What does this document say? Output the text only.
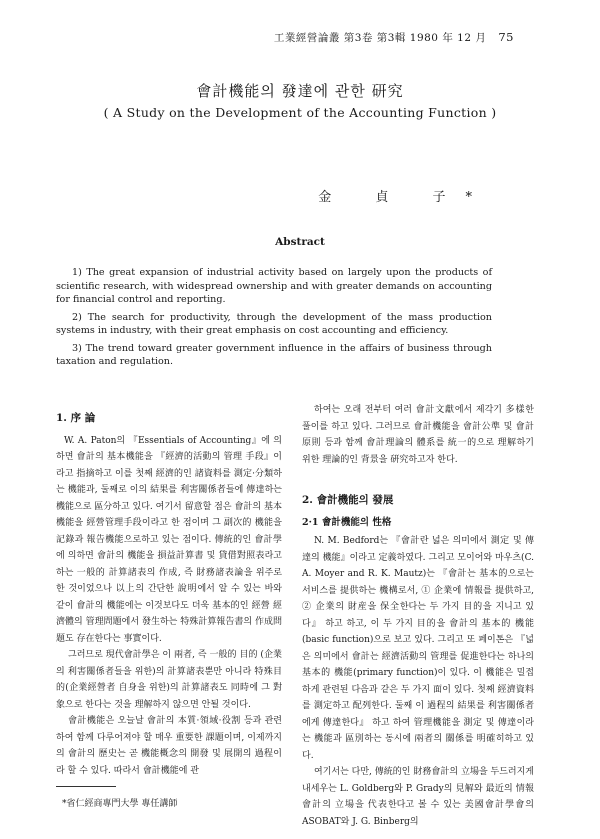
工業經營論叢 第3卷 第3輯 1980 年 12 月 75
會計機能의 發達에 관한 研究
( A Study on the Development of the Accounting Function )
金 貞 子*
Abstract

1) The great expansion of industrial activity based on largely upon the products of scientific research, with widespread ownership and with greater demands on accounting for financial control and reporting.

2) The search for productivity, through the development of the mass production systems in industry, with their great emphasis on cost accounting and efficiency.

3) The trend toward greater government influence in the affairs of business through taxation and regulation.

1. 序 論

W. A. Paton의 『Essentials of Accounting』에 의하면 會計의 基本機能을 『經濟的活動의 管理 手段』이라고 指摘하고 이를 첫째 經濟的인 諸資料를 測定·分類하는 機能과, 둘째로 이의 結果를 利害關係者들에 傳達하는 機能으로 區分하고 있다. 여기서 留意할 점은 會計의 基本機能을 經營管理手段이라고 한 점이며 그 副次的 機能을 記錄과 報告機能으로하고 있는 점이다. 傳統的인 會計學에 의하면 會計의 機能을 損益計算書 및 貸借對照表라고 하는 一般的 計算諸表의 作成, 즉 財務諸表論을 위주로 한 것이었으나 以上의 간단한 說明에서 알 수 있는 바와 같이 會計의 機能에는 이것보다도 더욱 基本的인 經營 經濟體의 管理問題에서 發生하는 特殊計算報告書의 作成問題도 存在한다는 事實이다.

그러므로 現代會計學은 이 兩者, 즉 一般的 目的 (企業의 利害關係者들을 위한)의 計算諸表뿐만 아니라 特殊目的(企業經營者 自身을 위한)의 計算諸表도 同時에 그 對象으로 한다는 것을 理解하지 않으면 안될 것이다.

會計機能은 오늘날 會計의 本質·領域·役割 등과 관련하여 함께 다루어져야 할 매우 重要한 課題이며, 이제까지의 會計의 歷史는 곧 機能概念의 開發 및 展開의 過程이라 할 수 있다. 따라서 會計機能에 관

하여는 오래 전부터 여러 會計文獻에서 제각기 多樣한 풀이를 하고 있다. 그러므로 會計機能을 會計公準 및 會計原則 등과 함께 會計理論의 體系를 統一的으로 理解하기 위한 理論的인 背景을 硏究하고자 한다.

2. 會計機能의 發展
2·1 會計機能의 性格

N. M. Bedford는 『會計란 넓은 의미에서 測定 및 傳達의 機能』이라고 定義하였다. 그리고 모이어와 마우츠(C. A. Moyer and R. K. Mautz)는 『會計는 基本的으로는 서비스를 提供하는 機構로서, ① 企業에 情報를 提供하고, ② 企業의 財産을 保全한다는 두 가지 目的을 지니고 있다』 하고 하고, 이 두 가지 目的을 會計의 基本的 機能(basic function)으로 보고 있다. 그리고 또 페이톤은 『넓은 의미에서 會計는 經濟活動의 管理를 促進한다는 하나의 基本的 機能(primary function)이 있다. 이 機能은 밀접하게 관련된 다음과 같은 두 가지 面이 있다. 첫째 經濟資料를 測定하고 配列한다. 둘째 이 過程의 結果를 利害關係者에게 傳達한다』 하고 하여 管理機能을 測定 및 傳達이라는 機能과 區別하는 동시에 兩者의 關係를 明確히하고 있다.

여기서는 다만, 傳統的인 財務會計의 立場을 두드러지게 내세우는 L. Goldberg와 P. Grady의 見解와 最近의 情報會計의 立場을 代表한다고 볼 수 있는 美國會計學會의 ASOBAT와 J. G. Binberg의

*省仁經商專門大學 專任講師
